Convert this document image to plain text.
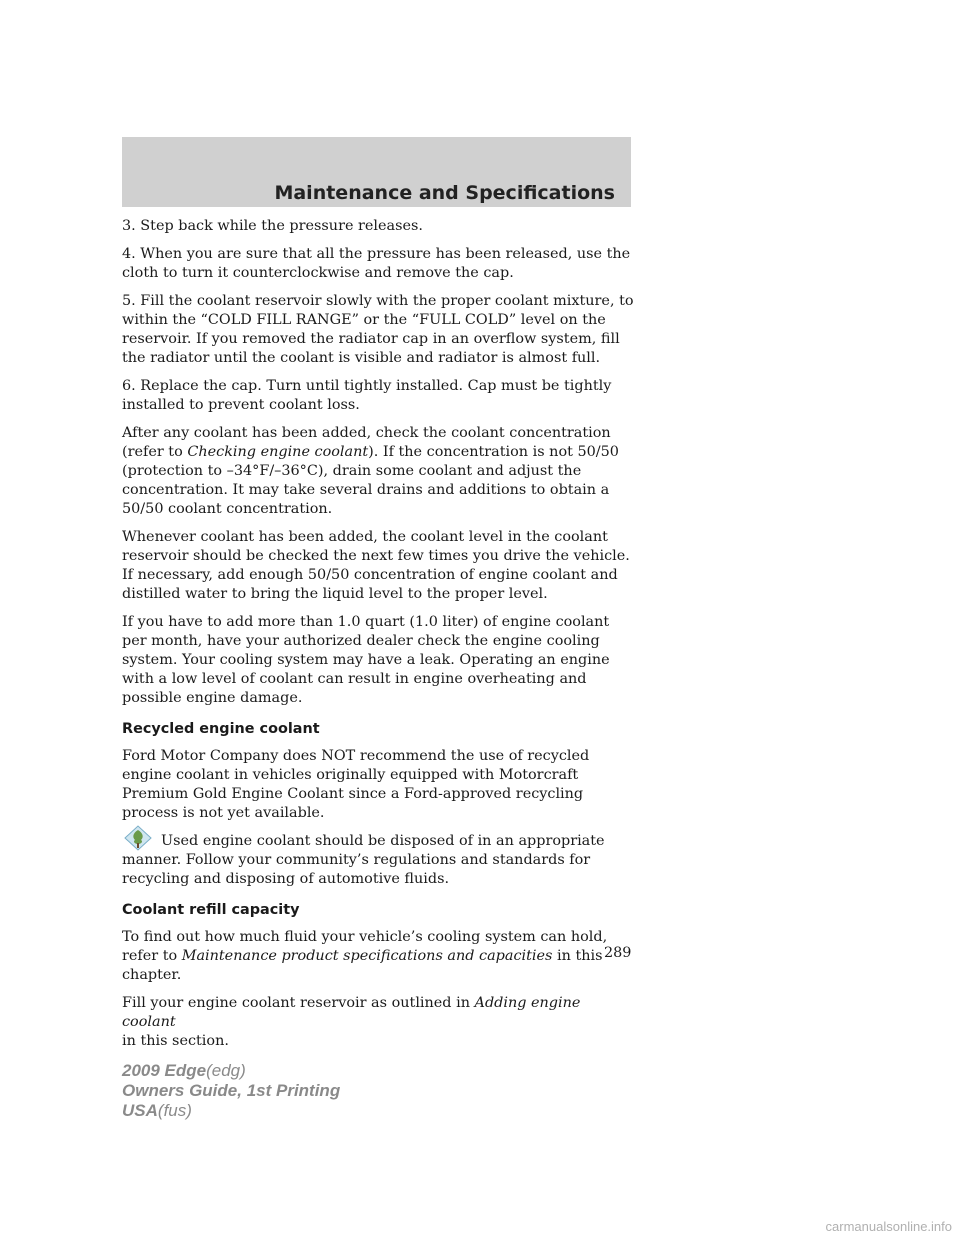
Maintenance and Specifications

3. Step back while the pressure releases.

4. When you are sure that all the pressure has been released, use the cloth to turn it counterclockwise and remove the cap.

5. Fill the coolant reservoir slowly with the proper coolant mixture, to within the “COLD FILL RANGE” or the “FULL COLD” level on the reservoir. If you removed the radiator cap in an overflow system, fill the radiator until the coolant is visible and radiator is almost full.

6. Replace the cap. Turn until tightly installed. Cap must be tightly installed to prevent coolant loss.

After any coolant has been added, check the coolant concentration (refer to Checking engine coolant). If the concentration is not 50/50 (protection to –34°F/–36°C), drain some coolant and adjust the concentration. It may take several drains and additions to obtain a 50/50 coolant concentration.

Whenever coolant has been added, the coolant level in the coolant reservoir should be checked the next few times you drive the vehicle. If necessary, add enough 50/50 concentration of engine coolant and distilled water to bring the liquid level to the proper level.

If you have to add more than 1.0 quart (1.0 liter) of engine coolant per month, have your authorized dealer check the engine cooling system. Your cooling system may have a leak. Operating an engine with a low level of coolant can result in engine overheating and possible engine damage.

Recycled engine coolant

Ford Motor Company does NOT recommend the use of recycled engine coolant in vehicles originally equipped with Motorcraft Premium Gold Engine Coolant since a Ford-approved recycling process is not yet available.

Used engine coolant should be disposed of in an appropriate manner. Follow your community’s regulations and standards for recycling and disposing of automotive fluids.

Coolant refill capacity

To find out how much fluid your vehicle’s cooling system can hold, refer to Maintenance product specifications and capacities in this chapter.

Fill your engine coolant reservoir as outlined in Adding engine coolant
in this section.

289
2009 Edge(edg)
Owners Guide, 1st Printing
USA(fus)
carmanualsonline.info
